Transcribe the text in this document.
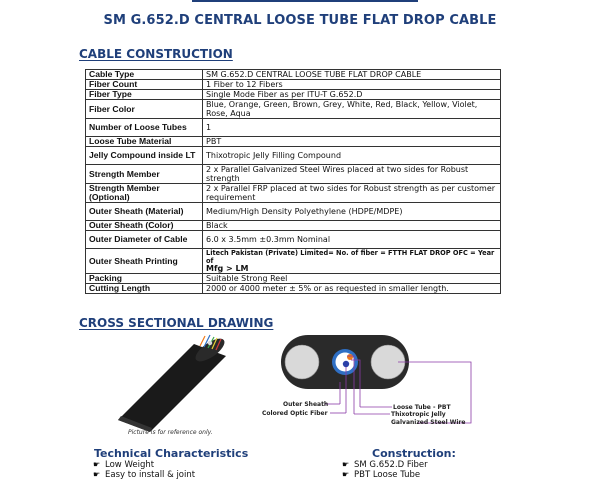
SM G.652.D CENTRAL LOOSE TUBE FLAT DROP CABLE
CABLE CONSTRUCTION
Cable Type	SM G.652.D CENTRAL LOOSE TUBE FLAT DROP CABLE
Fiber Count	1 Fiber to 12 Fibers
Fiber Type	Single Mode Fiber as per ITU-T G.652.D
Fiber Color	Blue, Orange, Green, Brown, Grey, White, Red, Black, Yellow, Violet, Rose, Aqua
Number of Loose Tubes	1
Loose Tube Material	PBT
Jelly Compound inside LT	Thixotropic Jelly Filling Compound
Strength Member	2 x Parallel Galvanized Steel Wires placed at two sides for Robust strength
Strength Member (Optional)	2 x Parallel FRP placed at two sides for Robust strength as per customer requirement
Outer Sheath (Material)	Medium/High Density Polyethylene (HDPE/MDPE)
Outer Sheath (Color)	Black
Outer Diameter of Cable	6.0 x 3.5mm ±0.3mm Nominal
Outer Sheath Printing	Litech Pakistan (Private) Limited= No. of fiber = FTTH FLAT DROP OFC = Year of
Mfg > LM
Packing	Suitable Strong Reel
Cutting Length	2000 or 4000 meter ± 5% or as requested in smaller length.
CROSS SECTIONAL DRAWING
Picture is for reference only.
Outer Sheath
Colored Optic Fiber
Loose Tube - PBT
Thixotropic Jelly
Galvanized Steel Wire
Technical Characteristics
☛ Low Weight
☛ Easy to install & joint
Construction:
☛ SM G.652.D Fiber
☛ PBT Loose Tube
